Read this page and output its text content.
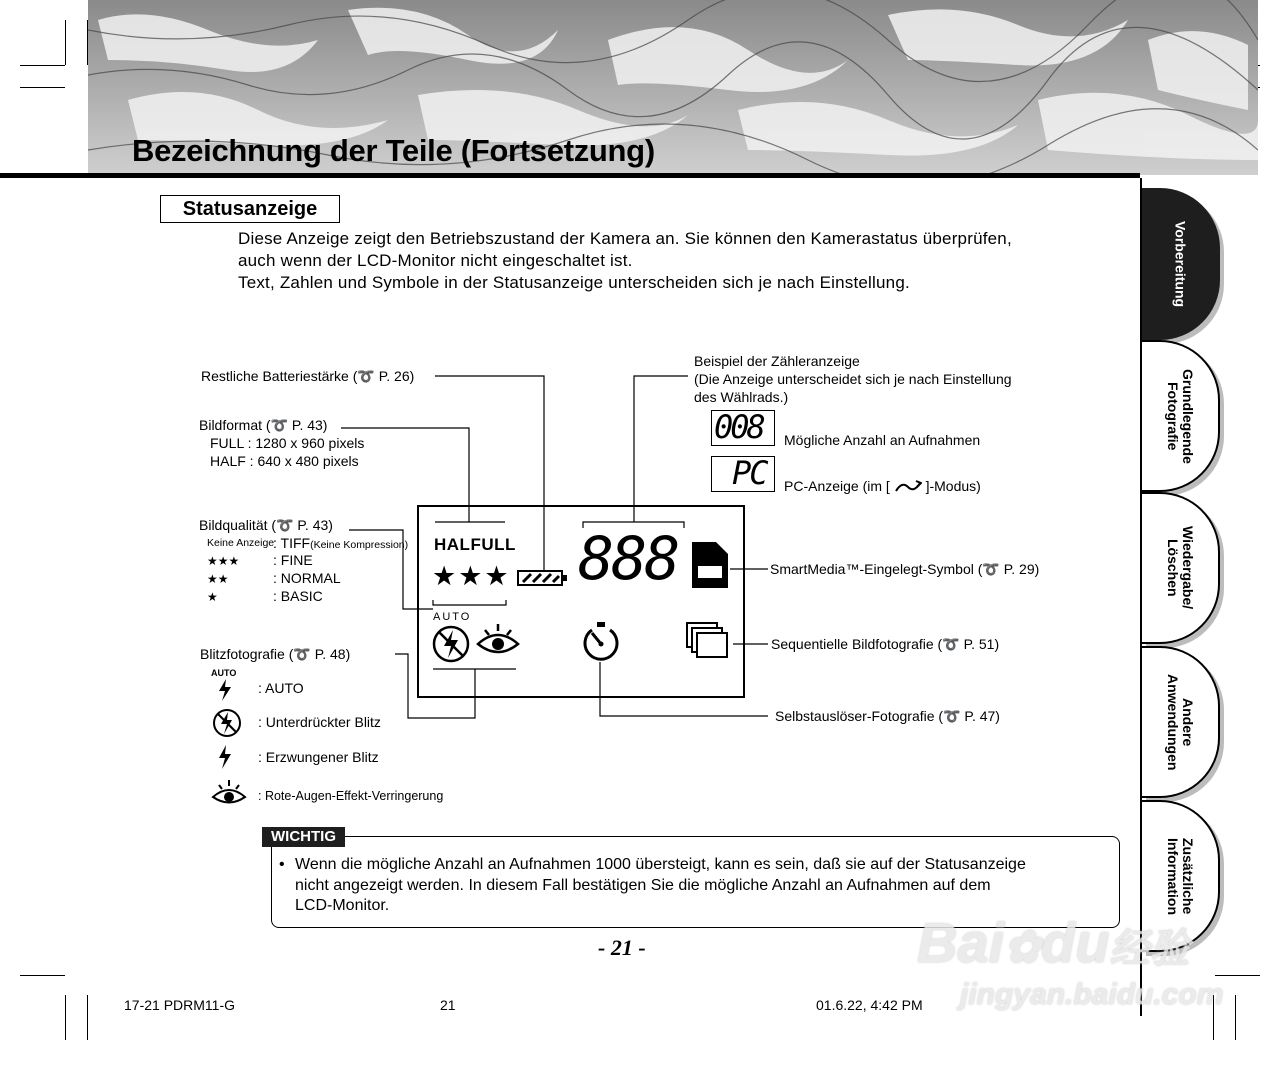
Bezeichnung der Teile (Fortsetzung)
Vorbereitung
Grundlegende
Fotografie
Wiedergabe/
Löschen
Andere
Anwendungen
Zusätzliche
Information
Statusanzeige
Diese Anzeige zeigt den Betriebszustand der Kamera an. Sie können den Kamerastatus überprüfen,
auch wenn der LCD-Monitor nicht eingeschaltet ist.
Text, Zahlen und Symbole in der Statusanzeige unterscheiden sich je nach Einstellung.
HALFULL
★★★ 888
AUTO
Restliche Batteriestärke (➰ P. 26)
Bildformat (➰ P. 43)
FULL : 1280 x 960 pixels
HALF : 640 x 480 pixels
Bildqualität (➰ P. 43)
Keine Anzeige
: TIFF(Keine Kompression)
★★★ : FINE
★★	: NORMAL
★	: BASIC
Blitzfotografie (➰ P. 48)
AUTO
: AUTO
: Unterdrückter Blitz
: Erzwungener Blitz
: Rote-Augen-Effekt-Verringerung
Beispiel der Zähleranzeige
(Die Anzeige unterscheidet sich je nach Einstellung
des Wählrads.)
008 Mögliche Anzahl an Aufnahmen
PC PC-Anzeige (im [	]-Modus)
SmartMedia™-Eingelegt-Symbol (➰ P. 29)
Sequentielle Bildfotografie (➰ P. 51)
Selbstauslöser-Fotografie (➰ P. 47)
WICHTIG
• Wenn die mögliche Anzahl an Aufnahmen 1000 übersteigt, kann es sein, daß sie auf der Statusanzeige
nicht angezeigt werden. In diesem Fall bestätigen Sie die mögliche Anzahl an Aufnahmen auf dem
LCD-Monitor.
- 21 -
17-21 PDRM11-G	21	01.6.22, 4:42 PM
Bai✿du经验
jingyan.baidu.com
